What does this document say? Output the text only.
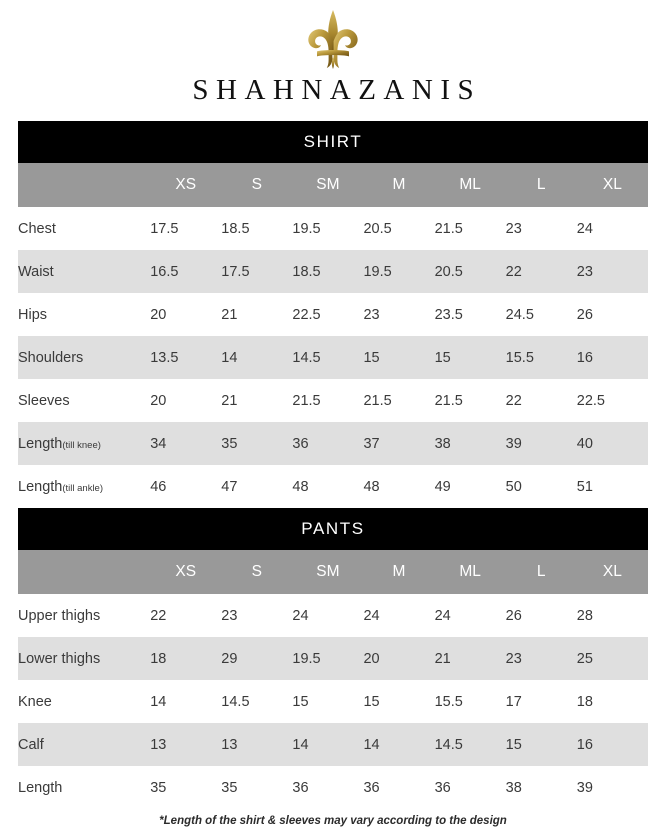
SHAHNAZANIS
SHIRT							
	XS	S	SM	M	ML	L	XL
Chest	17.5	18.5	19.5	20.5	21.5	23	24
Waist	16.5	17.5	18.5	19.5	20.5	22	23
Hips	20	21	22.5	23	23.5	24.5	26
Shoulders	13.5	14	14.5	15	15	15.5	16
Sleeves	20	21	21.5	21.5	21.5	22	22.5
Length(till knee)	34	35	36	37	38	39	40
Length(till ankle)	46	47	48	48	49	50	51
PANTS							
	XS	S	SM	M	ML	L	XL
Upper thighs	22	23	24	24	24	26	28
Lower thighs	18	29	19.5	20	21	23	25
Knee	14	14.5	15	15	15.5	17	18
Calf	13	13	14	14	14.5	15	16
Length	35	35	36	36	36	38	39
*Length of the shirt & sleeves may vary according to the design
